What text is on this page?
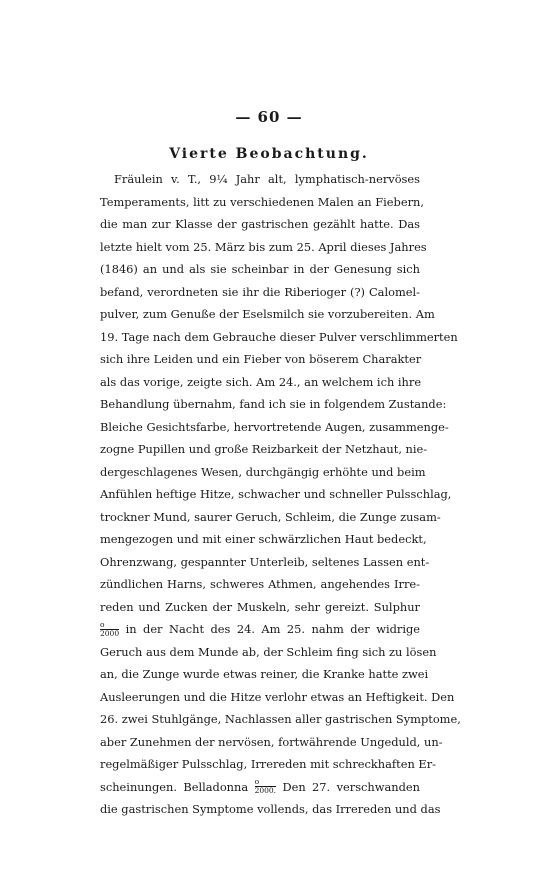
— 60 —
Vierte Beobachtung.
Fräulein v. T., 9¼ Jahr alt, lymphatisch-nervöses
Temperaments, litt zu verschiedenen Malen an Fiebern,
die man zur Klasse der gastrischen gezählt hatte. Das
letzte hielt vom 25. März bis zum 25. April dieses Jahres
(1846) an und als sie scheinbar in der Genesung sich
befand, verordneten sie ihr die Riberioger (?) Calomel-
pulver, zum Genuße der Eselsmilch sie vorzubereiten. Am
19. Tage nach dem Gebrauche dieser Pulver verschlimmerten
sich ihre Leiden und ein Fieber von böserem Charakter
als das vorige, zeigte sich. Am 24., an welchem ich ihre
Behandlung übernahm, fand ich sie in folgendem Zustande:
Bleiche Gesichtsfarbe, hervortretende Augen, zusammenge-
zogne Pupillen und große Reizbarkeit der Netzhaut, nie-
dergeschlagenes Wesen, durchgängig erhöhte und beim
Anfühlen heftige Hitze, schwacher und schneller Pulsschlag,
trockner Mund, saurer Geruch, Schleim, die Zunge zusam-
mengezogen und mit einer schwärzlichen Haut bedeckt,
Ohrenzwang, gespannter Unterleib, seltenes Lassen ent-
zündlichen Harns, schweres Athmen, angehendes Irre-
reden und Zucken der Muskeln, sehr gereizt. Sulphur
$\frac{o}{2000}$ in der Nacht des 24. Am 25. nahm der widrige
Geruch aus dem Munde ab, der Schleim fing sich zu lösen
an, die Zunge wurde etwas reiner, die Kranke hatte zwei
Ausleerungen und die Hitze verlohr etwas an Heftigkeit. Den
26. zwei Stuhlgänge, Nachlassen aller gastrischen Symptome,
aber Zunehmen der nervösen, fortwährende Ungeduld, un-
regelmäßiger Pulsschlag, Irrereden mit schreckhaften Er-
scheinungen. Belladonna $\frac{o}{2000.}$ Den 27. verschwanden
die gastrischen Symptome vollends, das Irrereden und das
